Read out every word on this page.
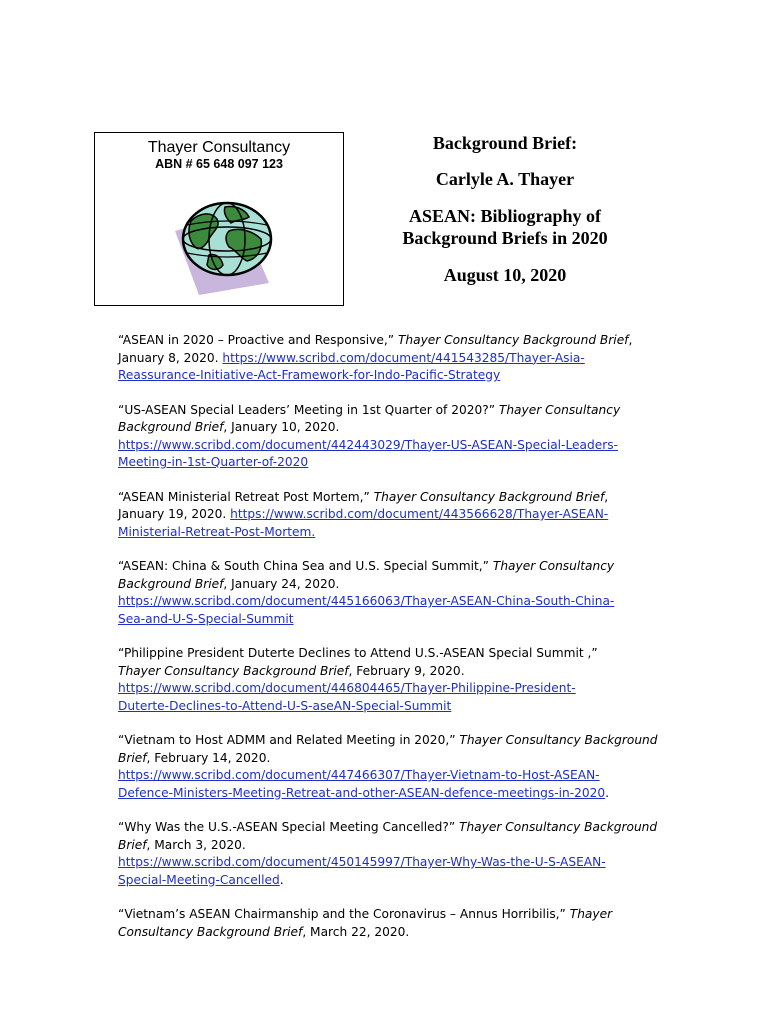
Thayer Consultancy
ABN # 65 648 097 123
Background Brief:
Carlyle A. Thayer
ASEAN: Bibliography of
Background Briefs in 2020
August 10, 2020
“ASEAN in 2020 – Proactive and Responsive,” Thayer Consultancy Background Brief, January 8, 2020. https://www.scribd.com/document/441543285/Thayer-Asia-
Reassurance-Initiative-Act-Framework-for-Indo-Pacific-Strategy
“US-ASEAN Special Leaders’ Meeting in 1st Quarter of 2020?” Thayer Consultancy Background Brief, January 10, 2020.
https://www.scribd.com/document/442443029/Thayer-US-ASEAN-Special-Leaders-
Meeting-in-1st-Quarter-of-2020
“ASEAN Ministerial Retreat Post Mortem,” Thayer Consultancy Background Brief, January 19, 2020. https://www.scribd.com/document/443566628/Thayer-ASEAN-
Ministerial-Retreat-Post-Mortem.
“ASEAN: China & South China Sea and U.S. Special Summit,” Thayer Consultancy Background Brief, January 24, 2020.
https://www.scribd.com/document/445166063/Thayer-ASEAN-China-South-China-
Sea-and-U-S-Special-Summit
“Philippine President Duterte Declines to Attend U.S.-ASEAN Special Summit ,”
Thayer Consultancy Background Brief, February 9, 2020.
https://www.scribd.com/document/446804465/Thayer-Philippine-President-
Duterte-Declines-to-Attend-U-S-aseAN-Special-Summit
“Vietnam to Host ADMM and Related Meeting in 2020,” Thayer Consultancy Background Brief, February 14, 2020.
https://www.scribd.com/document/447466307/Thayer-Vietnam-to-Host-ASEAN-
Defence-Ministers-Meeting-Retreat-and-other-ASEAN-defence-meetings-in-2020.
“Why Was the U.S.-ASEAN Special Meeting Cancelled?” Thayer Consultancy Background Brief, March 3, 2020.
https://www.scribd.com/document/450145997/Thayer-Why-Was-the-U-S-ASEAN-
Special-Meeting-Cancelled.
“Vietnam’s ASEAN Chairmanship and the Coronavirus – Annus Horribilis,” Thayer Consultancy Background Brief, March 22, 2020.
